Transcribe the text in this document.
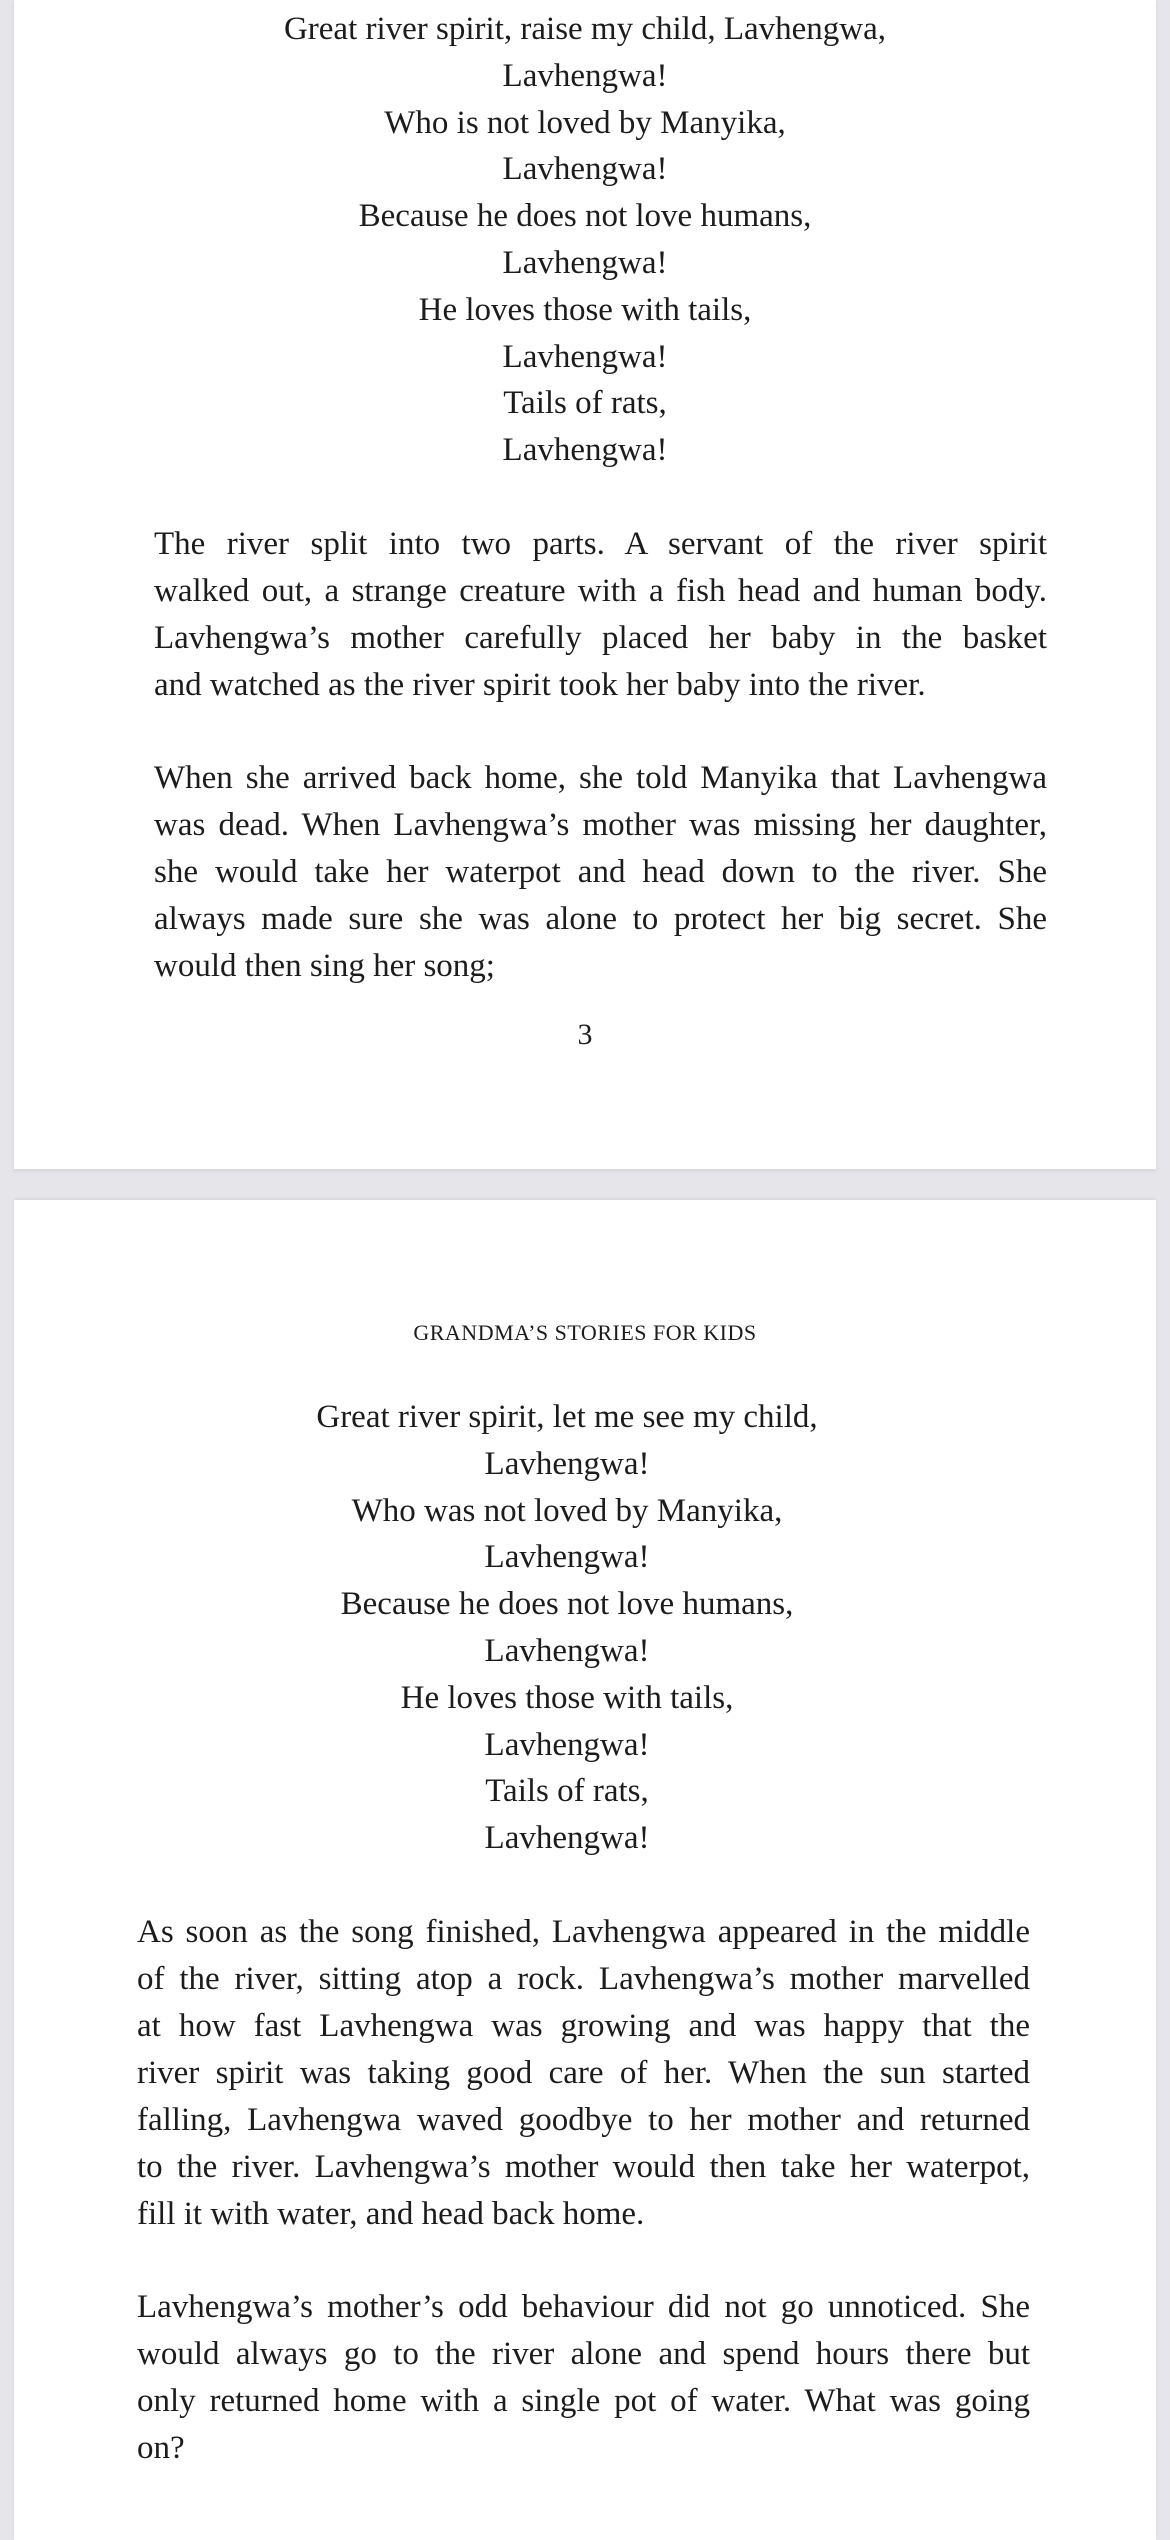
Great river spirit, raise my child, Lavhengwa,
Lavhengwa!
Who is not loved by Manyika,
Lavhengwa!
Because he does not love humans,
Lavhengwa!
He loves those with tails,
Lavhengwa!
Tails of rats,
Lavhengwa!
The river split into two parts. A servant of the river spirit
walked out, a strange creature with a fish head and human body.
Lavhengwa’s mother carefully placed her baby in the basket
and watched as the river spirit took her baby into the river.
When she arrived back home, she told Manyika that Lavhengwa
was dead. When Lavhengwa’s mother was missing her daughter,
she would take her waterpot and head down to the river. She
always made sure she was alone to protect her big secret. She
would then sing her song;
3
GRANDMA’S STORIES FOR KIDS
Great river spirit, let me see my child,
Lavhengwa!
Who was not loved by Manyika,
Lavhengwa!
Because he does not love humans,
Lavhengwa!
He loves those with tails,
Lavhengwa!
Tails of rats,
Lavhengwa!
As soon as the song finished, Lavhengwa appeared in the middle
of the river, sitting atop a rock. Lavhengwa’s mother marvelled
at how fast Lavhengwa was growing and was happy that the
river spirit was taking good care of her. When the sun started
falling, Lavhengwa waved goodbye to her mother and returned
to the river. Lavhengwa’s mother would then take her waterpot,
fill it with water, and head back home.
Lavhengwa’s mother’s odd behaviour did not go unnoticed. She
would always go to the river alone and spend hours there but
only returned home with a single pot of water. What was going
on?
